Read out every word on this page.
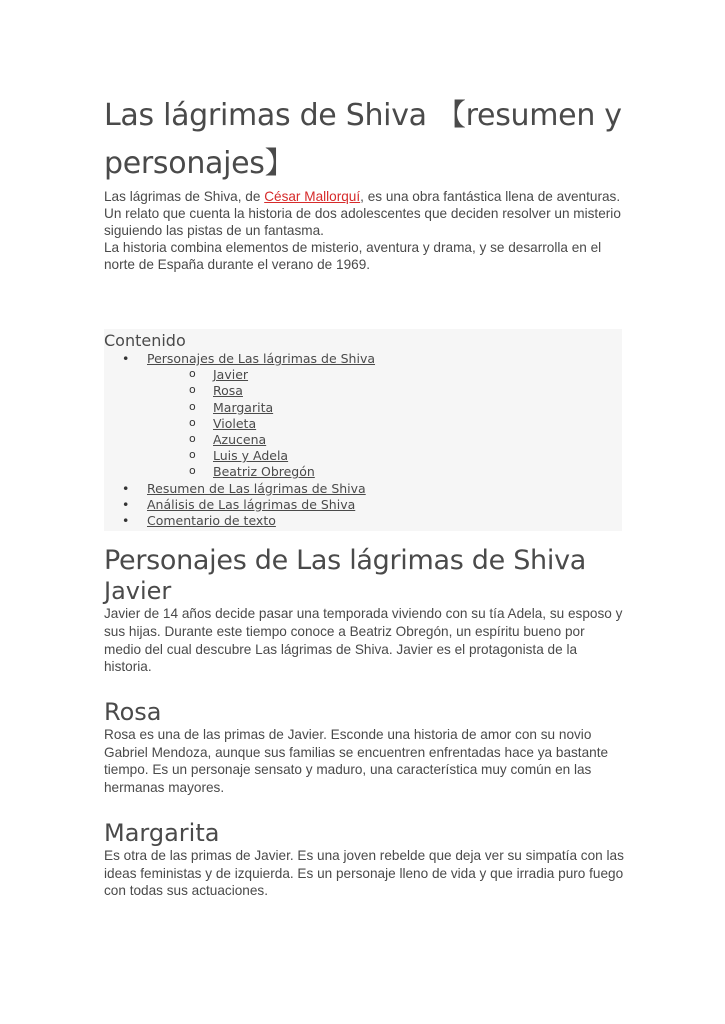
Las lágrimas de Shiva 【resumen y personajes】

Las lágrimas de Shiva, de César Mallorquí, es una obra fantástica llena de aventuras. Un relato que cuenta la historia de dos adolescentes que deciden resolver un misterio siguiendo las pistas de un fantasma.

La historia combina elementos de misterio, aventura y drama, y se desarrolla en el norte de España durante el verano de 1969.

Contenido
• Personajes de Las lágrimas de Shiva
o Javier
o Rosa
o Margarita
o Violeta
o Azucena
o Luis y Adela
o Beatriz Obregón
• Resumen de Las lágrimas de Shiva
• Análisis de Las lágrimas de Shiva
• Comentario de texto
Personajes de Las lágrimas de Shiva
Javier

Javier de 14 años decide pasar una temporada viviendo con su tía Adela, su esposo y sus hijas. Durante este tiempo conoce a Beatriz Obregón, un espíritu bueno por medio del cual descubre Las lágrimas de Shiva. Javier es el protagonista de la historia.

Rosa

Rosa es una de las primas de Javier. Esconde una historia de amor con su novio Gabriel Mendoza, aunque sus familias se encuentren enfrentadas hace ya bastante tiempo. Es un personaje sensato y maduro, una característica muy común en las hermanas mayores.

Margarita

Es otra de las primas de Javier. Es una joven rebelde que deja ver su simpatía con las ideas feministas y de izquierda. Es un personaje lleno de vida y que irradia puro fuego con todas sus actuaciones.
